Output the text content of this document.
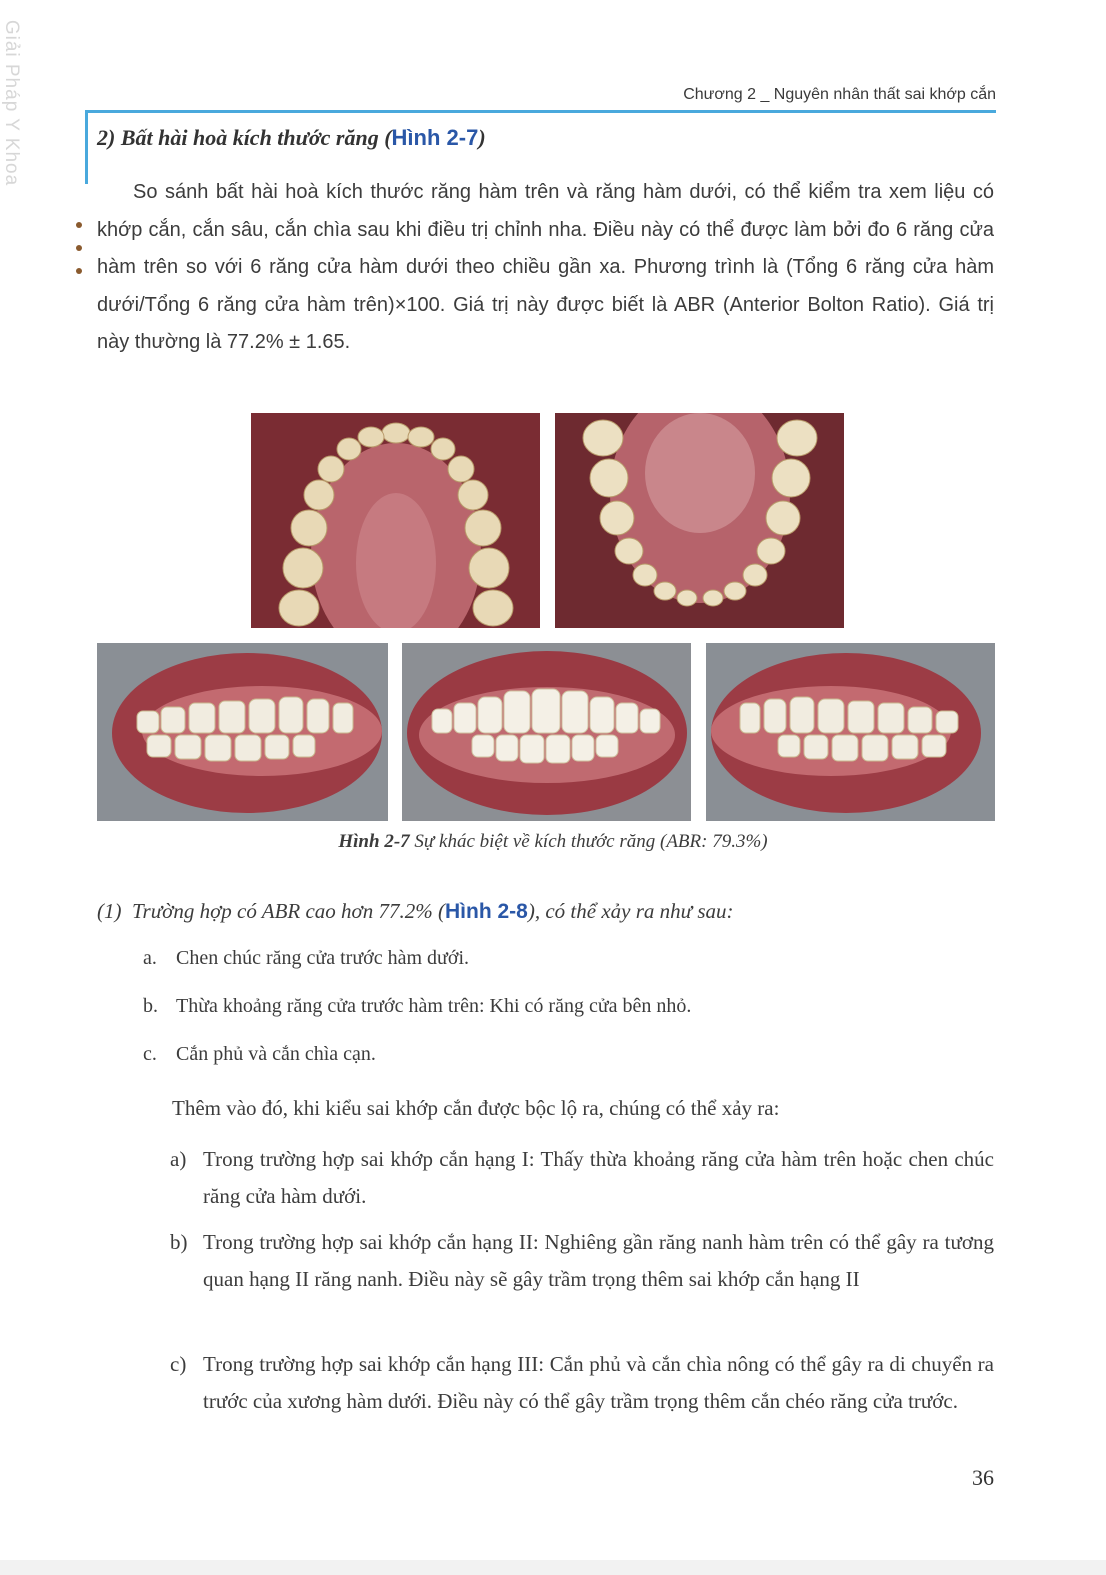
Giải Pháp Y Khoa	Chương 2 _ Nguyên nhân thất sai khớp cắn
2) Bất hài hoà kích thước răng (Hình 2-7)
So sánh bất hài hoà kích thước răng hàm trên và răng hàm dưới, có thể kiểm tra xem liệu có khớp cắn, cắn sâu, cắn chìa sau khi điều trị chỉnh nha. Điều này có thể được làm bởi đo 6 răng cửa hàm trên so với 6 răng cửa hàm dưới theo chiều gần xa. Phương trình là (Tổng 6 răng cửa hàm dưới/Tổng 6 răng cửa hàm trên)×100. Giá trị này được biết là ABR (Anterior Bolton Ratio). Giá trị này thường là 77.2% ± 1.65.
Hình 2-7 Sự khác biệt về kích thước răng (ABR: 79.3%)
(1) Trường hợp có ABR cao hơn 77.2% (Hình 2-8), có thể xảy ra như sau:
a. Chen chúc răng cửa trước hàm dưới.
b. Thừa khoảng răng cửa trước hàm trên: Khi có răng cửa bên nhỏ.
c. Cắn phủ và cắn chìa cạn.
Thêm vào đó, khi kiểu sai khớp cắn được bộc lộ ra, chúng có thể xảy ra:
a) Trong trường hợp sai khớp cắn hạng I: Thấy thừa khoảng răng cửa hàm trên hoặc chen chúc răng cửa hàm dưới.
b) Trong trường hợp sai khớp cắn hạng II: Nghiêng gần răng nanh hàm trên có thể gây ra tương quan hạng II răng nanh. Điều này sẽ gây trầm trọng thêm sai khớp cắn hạng II
c) Trong trường hợp sai khớp cắn hạng III: Cắn phủ và cắn chìa nông có thể gây ra di chuyển ra trước của xương hàm dưới. Điều này có thể gây trầm trọng thêm cắn chéo răng cửa trước.
36
